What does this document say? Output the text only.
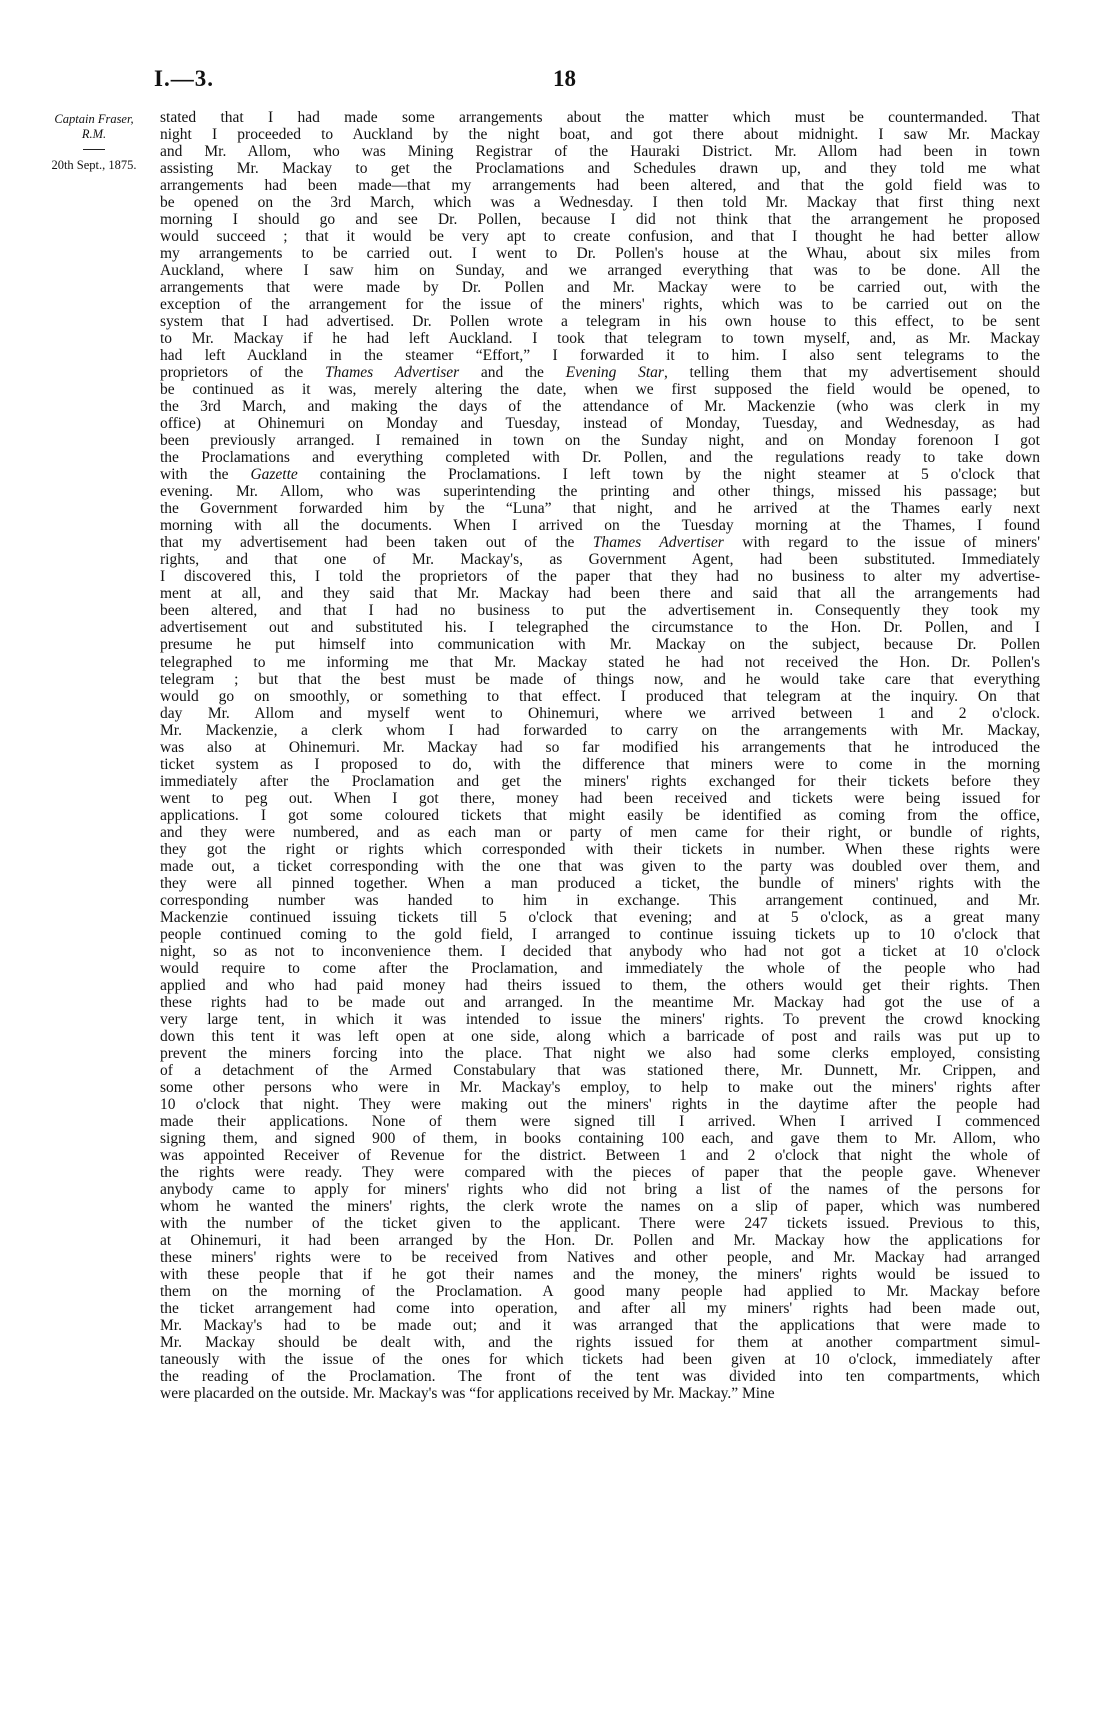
I.—3.	18
Captain Fraser,
R.M.
20th Sept., 1875.
stated that I had made some arrangements about the matter which must be countermanded. That
night I proceeded to Auckland by the night boat, and got there about midnight. I saw Mr. Mackay
and Mr. Allom, who was Mining Registrar of the Hauraki District. Mr. Allom had been in town
assisting Mr. Mackay to get the Proclamations and Schedules drawn up, and they told me what
arrangements had been made—that my arrangements had been altered, and that the gold field was to
be opened on the 3rd March, which was a Wednesday. I then told Mr. Mackay that first thing next
morning I should go and see Dr. Pollen, because I did not think that the arrangement he proposed
would succeed ; that it would be very apt to create confusion, and that I thought he had better allow
my arrangements to be carried out. I went to Dr. Pollen's house at the Whau, about six miles from
Auckland, where I saw him on Sunday, and we arranged everything that was to be done. All the
arrangements that were made by Dr. Pollen and Mr. Mackay were to be carried out, with the
exception of the arrangement for the issue of the miners' rights, which was to be carried out on the
system that I had advertised. Dr. Pollen wrote a telegram in his own house to this effect, to be sent
to Mr. Mackay if he had left Auckland. I took that telegram to town myself, and, as Mr. Mackay
had left Auckland in the steamer “Effort,” I forwarded it to him. I also sent telegrams to the
proprietors of the Thames Advertiser and the Evening Star, telling them that my advertisement should
be continued as it was, merely altering the date, when we first supposed the field would be opened, to
the 3rd March, and making the days of the attendance of Mr. Mackenzie (who was clerk in my
office) at Ohinemuri on Monday and Tuesday, instead of Monday, Tuesday, and Wednesday, as had
been previously arranged. I remained in town on the Sunday night, and on Monday forenoon I got
the Proclamations and everything completed with Dr. Pollen, and the regulations ready to take down
with the Gazette containing the Proclamations. I left town by the night steamer at 5 o'clock that
evening. Mr. Allom, who was superintending the printing and other things, missed his passage; but
the Government forwarded him by the “Luna” that night, and he arrived at the Thames early next
morning with all the documents. When I arrived on the Tuesday morning at the Thames, I found
that my advertisement had been taken out of the Thames Advertiser with regard to the issue of miners'
rights, and that one of Mr. Mackay's, as Government Agent, had been substituted. Immediately
I discovered this, I told the proprietors of the paper that they had no business to alter my advertise-
ment at all, and they said that Mr. Mackay had been there and said that all the arrangements had
been altered, and that I had no business to put the advertisement in. Consequently they took my
advertisement out and substituted his. I telegraphed the circumstance to the Hon. Dr. Pollen, and I
presume he put himself into communication with Mr. Mackay on the subject, because Dr. Pollen
telegraphed to me informing me that Mr. Mackay stated he had not received the Hon. Dr. Pollen's
telegram ; but that the best must be made of things now, and he would take care that everything
would go on smoothly, or something to that effect. I produced that telegram at the inquiry. On that
day Mr. Allom and myself went to Ohinemuri, where we arrived between 1 and 2 o'clock.
Mr. Mackenzie, a clerk whom I had forwarded to carry on the arrangements with Mr. Mackay,
was also at Ohinemuri. Mr. Mackay had so far modified his arrangements that he introduced the
ticket system as I proposed to do, with the difference that miners were to come in the morning
immediately after the Proclamation and get the miners' rights exchanged for their tickets before they
went to peg out. When I got there, money had been received and tickets were being issued for
applications. I got some coloured tickets that might easily be identified as coming from the office,
and they were numbered, and as each man or party of men came for their right, or bundle of rights,
they got the right or rights which corresponded with their tickets in number. When these rights were
made out, a ticket corresponding with the one that was given to the party was doubled over them, and
they were all pinned together. When a man produced a ticket, the bundle of miners' rights with the
corresponding number was handed to him in exchange. This arrangement continued, and Mr.
Mackenzie continued issuing tickets till 5 o'clock that evening; and at 5 o'clock, as a great many
people continued coming to the gold field, I arranged to continue issuing tickets up to 10 o'clock that
night, so as not to inconvenience them. I decided that anybody who had not got a ticket at 10 o'clock
would require to come after the Proclamation, and immediately the whole of the people who had
applied and who had paid money had theirs issued to them, the others would get their rights. Then
these rights had to be made out and arranged. In the meantime Mr. Mackay had got the use of a
very large tent, in which it was intended to issue the miners' rights. To prevent the crowd knocking
down this tent it was left open at one side, along which a barricade of post and rails was put up to
prevent the miners forcing into the place. That night we also had some clerks employed, consisting
of a detachment of the Armed Constabulary that was stationed there, Mr. Dunnett, Mr. Crippen, and
some other persons who were in Mr. Mackay's employ, to help to make out the miners' rights after
10 o'clock that night. They were making out the miners' rights in the daytime after the people had
made their applications. None of them were signed till I arrived. When I arrived I commenced
signing them, and signed 900 of them, in books containing 100 each, and gave them to Mr. Allom, who
was appointed Receiver of Revenue for the district. Between 1 and 2 o'clock that night the whole of
the rights were ready. They were compared with the pieces of paper that the people gave. Whenever
anybody came to apply for miners' rights who did not bring a list of the names of the persons for
whom he wanted the miners' rights, the clerk wrote the names on a slip of paper, which was numbered
with the number of the ticket given to the applicant. There were 247 tickets issued. Previous to this,
at Ohinemuri, it had been arranged by the Hon. Dr. Pollen and Mr. Mackay how the applications for
these miners' rights were to be received from Natives and other people, and Mr. Mackay had arranged
with these people that if he got their names and the money, the miners' rights would be issued to
them on the morning of the Proclamation. A good many people had applied to Mr. Mackay before
the ticket arrangement had come into operation, and after all my miners' rights had been made out,
Mr. Mackay's had to be made out; and it was arranged that the applications that were made to
Mr. Mackay should be dealt with, and the rights issued for them at another compartment simul-
taneously with the issue of the ones for which tickets had been given at 10 o'clock, immediately after
the reading of the Proclamation. The front of the tent was divided into ten compartments, which
were placarded on the outside. Mr. Mackay's was “for applications received by Mr. Mackay.” Mine
